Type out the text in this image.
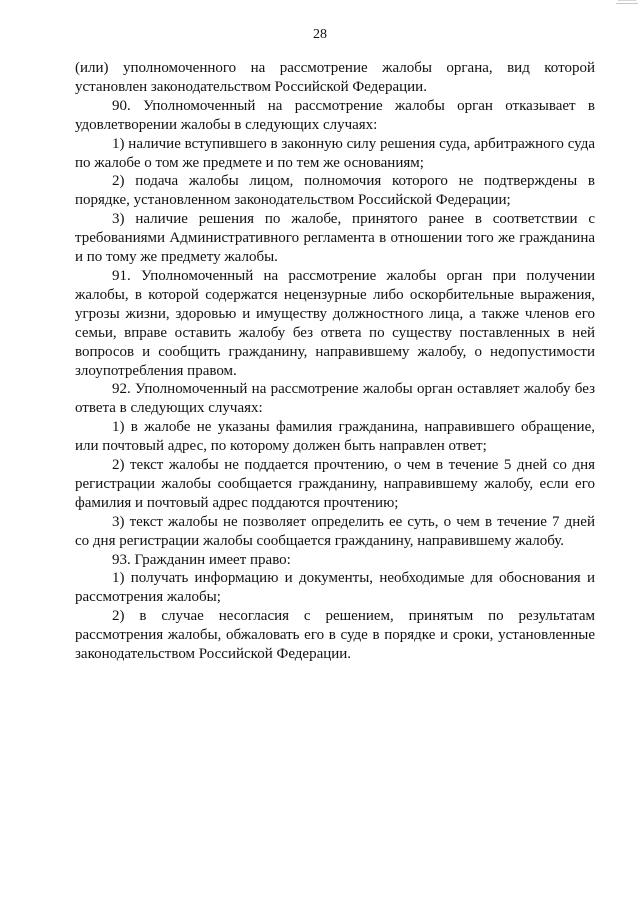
28

(или) уполномоченного на рассмотрение жалобы органа, вид которой установлен законодательством Российской Федерации.

90. Уполномоченный на рассмотрение жалобы орган отказывает в удовлетворении жалобы в следующих случаях:

1) наличие вступившего в законную силу решения суда, арбитражного суда по жалобе о том же предмете и по тем же основаниям;

2) подача жалобы лицом, полномочия которого не подтверждены в порядке, установленном законодательством Российской Федерации;

3) наличие решения по жалобе, принятого ранее в соответствии с требованиями Административного регламента в отношении того же гражданина и по тому же предмету жалобы.

91. Уполномоченный на рассмотрение жалобы орган при получении жалобы, в которой содержатся нецензурные либо оскорбительные выражения, угрозы жизни, здоровью и имуществу должностного лица, а также членов его семьи, вправе оставить жалобу без ответа по существу поставленных в ней вопросов и сообщить гражданину, направившему жалобу, о недопустимости злоупотребления правом.

92. Уполномоченный на рассмотрение жалобы орган оставляет жалобу без ответа в следующих случаях:

1) в жалобе не указаны фамилия гражданина, направившего обращение, или почтовый адрес, по которому должен быть направлен ответ;

2) текст жалобы не поддается прочтению, о чем в течение 5 дней со дня регистрации жалобы сообщается гражданину, направившему жалобу, если его фамилия и почтовый адрес поддаются прочтению;

3) текст жалобы не позволяет определить ее суть, о чем в течение 7 дней со дня регистрации жалобы сообщается гражданину, направившему жалобу.

93. Гражданин имеет право:

1) получать информацию и документы, необходимые для обоснования и рассмотрения жалобы;

2) в случае несогласия с решением, принятым по результатам рассмотрения жалобы, обжаловать его в суде в порядке и сроки, установленные законодательством Российской Федерации.
